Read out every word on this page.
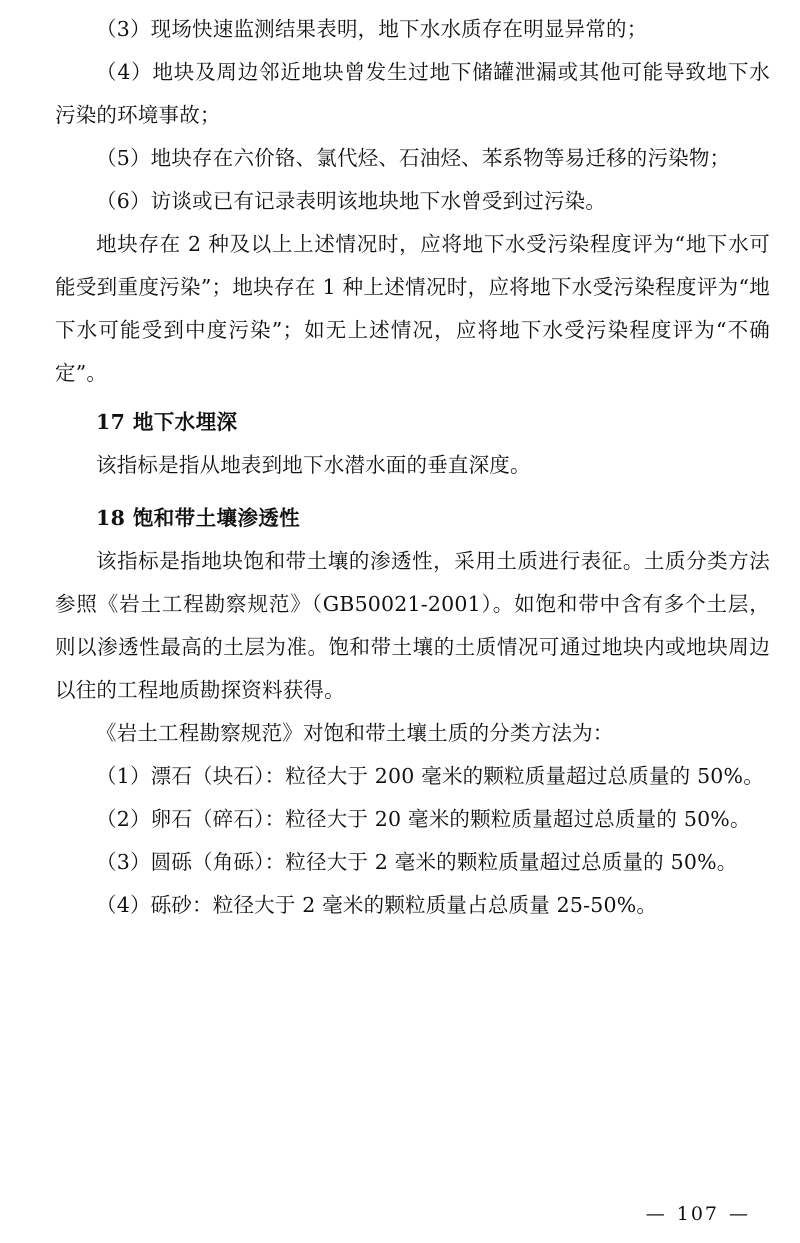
（3）现场快速监测结果表明，地下水水质存在明显异常的；

（4）地块及周边邻近地块曾发生过地下储罐泄漏或其他可能导致地下水污染的环境事故；

（5）地块存在六价铬、氯代烃、石油烃、苯系物等易迁移的污染物；

（6）访谈或已有记录表明该地块地下水曾受到过污染。

地块存在 2 种及以上上述情况时，应将地下水受污染程度评为“地下水可能受到重度污染”；地块存在 1 种上述情况时，应将地下水受污染程度评为“地下水可能受到中度污染”；如无上述情况，应将地下水受污染程度评为“不确定”。

17 地下水埋深

该指标是指从地表到地下水潜水面的垂直深度。

18 饱和带土壤渗透性

该指标是指地块饱和带土壤的渗透性，采用土质进行表征。土质分类方法参照《岩土工程勘察规范》（GB50021-2001）。如饱和带中含有多个土层，则以渗透性最高的土层为准。饱和带土壤的土质情况可通过地块内或地块周边以往的工程地质勘探资料获得。

《岩土工程勘察规范》对饱和带土壤土质的分类方法为：

（1）漂石（块石）：粒径大于 200 毫米的颗粒质量超过总质量的 50%。

（2）卵石（碎石）：粒径大于 20 毫米的颗粒质量超过总质量的 50%。

（3）圆砾（角砾）：粒径大于 2 毫米的颗粒质量超过总质量的 50%。

（4）砾砂：粒径大于 2 毫米的颗粒质量占总质量 25-50%。

— 107 —
